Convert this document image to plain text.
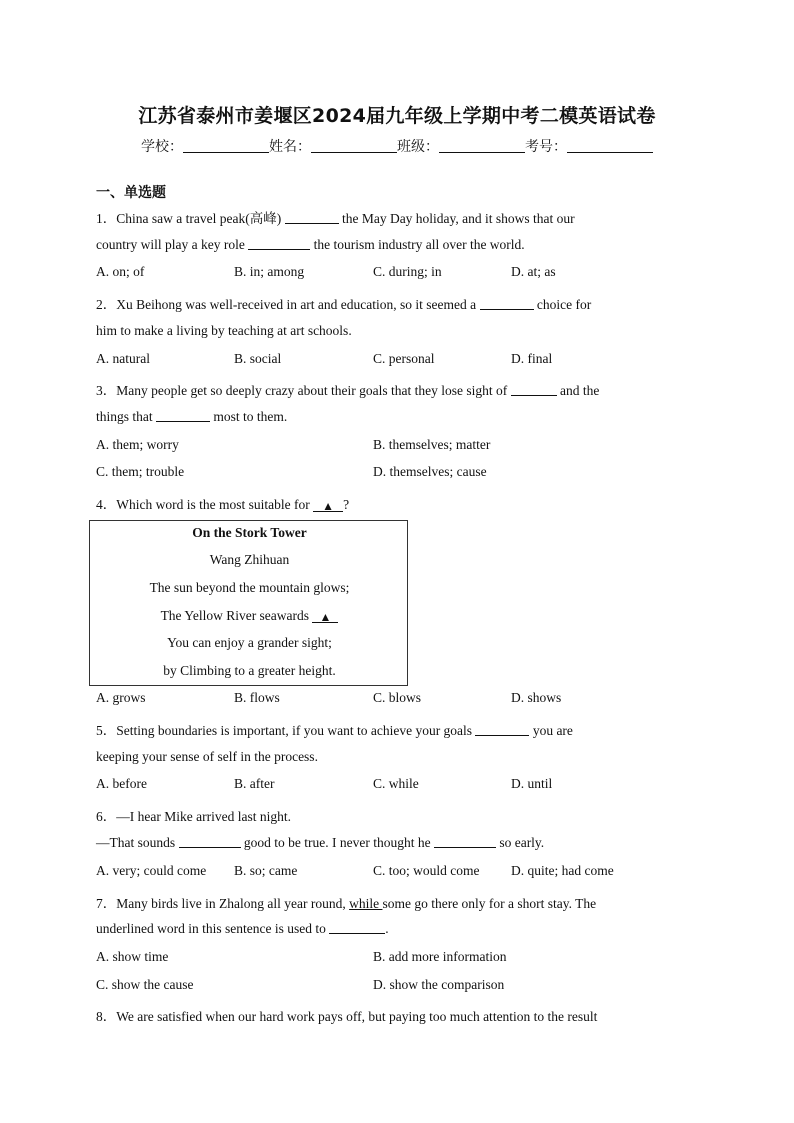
江苏省泰州市姜堰区2024届九年级上学期中考二模英语试卷
学校：	姓名：	班级：	考号：
一、单选题
1．China saw a travel peak(高峰)	the May Day holiday, and it shows that our
country will play a key role	the tourism industry all over the world.
A. on; of	B. in; among	C. during; in	D. at; as
2．Xu Beihong was well-received in art and education, so it seemed a	choice for
him to make a living by teaching at art schools.
A. natural	B. social	C. personal	D. final
3．Many people get so deeply crazy about their goals that they lose sight of	and the
things that	most to them.
A. them; worry	B. themselves; matter
C. them; trouble	D. themselves; cause
4．Which word is the most suitable for ▲ ?
On the Stork Tower
Wang Zhihuan
The sun beyond the mountain glows;
The Yellow River seawards ▲
You can enjoy a grander sight;
by Climbing to a greater height.
A. grows	B. flows	C. blows	D. shows
5．Setting boundaries is important, if you want to achieve your goals	you are
keeping your sense of self in the process.
A. before	B. after	C. while	D. until
6．—I hear Mike arrived last night.
—That sounds	good to be true. I never thought he	so early.
A. very; could come B. so; came	C. too; would come D. quite; had come
7．Many birds live in Zhalong all year round, while some go there only for a short stay. The
underlined word in this sentence is used to	.
A. show time	B. add more information
C. show the cause	D. show the comparison
8．We are satisfied when our hard work pays off, but paying too much attention to the result
